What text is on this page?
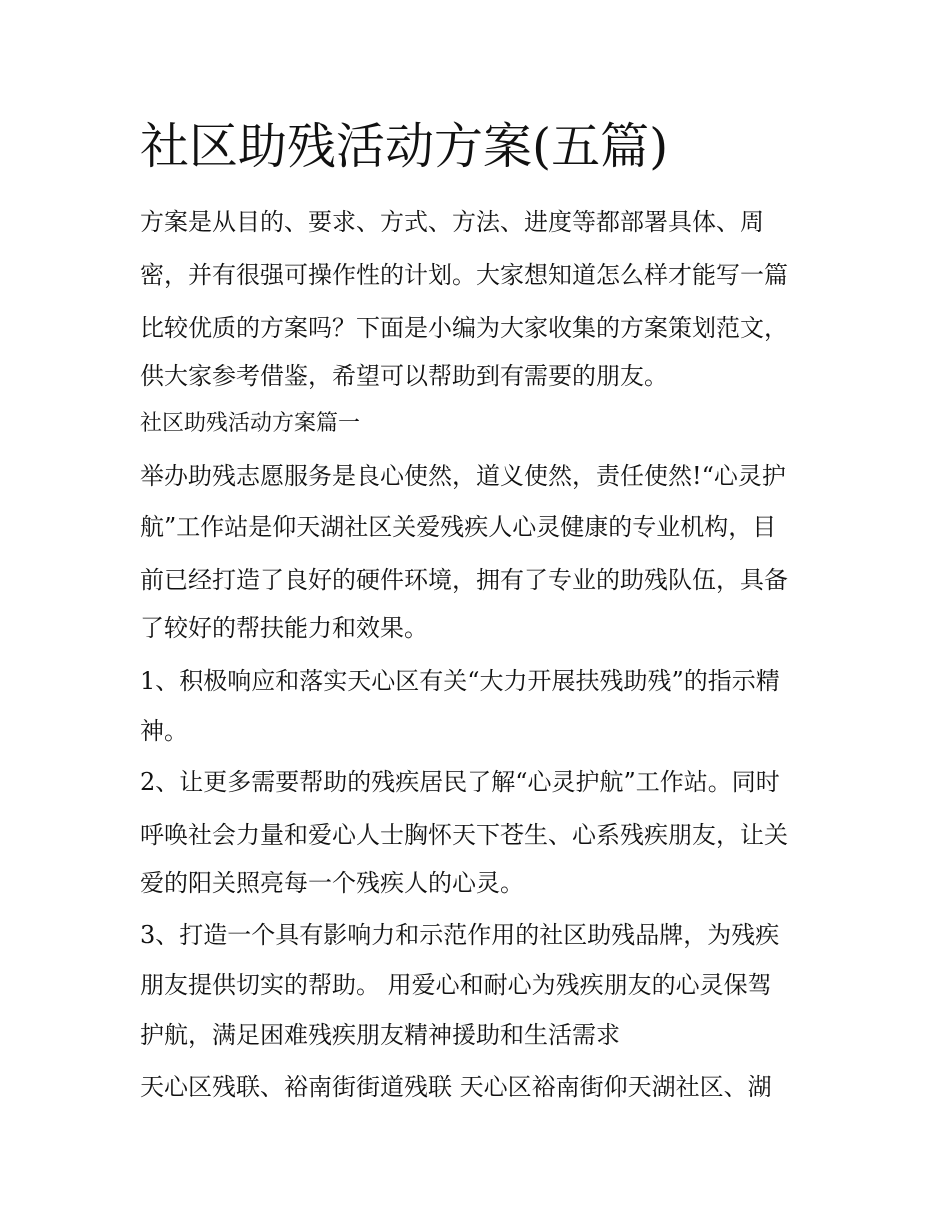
社区助残活动方案(五篇)

方案是从目的、要求、方式、方法、进度等都部署具体、周

密，并有很强可操作性的计划。大家想知道怎么样才能写一篇

比较优质的方案吗？下面是小编为大家收集的方案策划范文，

供大家参考借鉴，希望可以帮助到有需要的朋友。

社区助残活动方案篇一

举办助残志愿服务是良心使然，道义使然，责任使然!“心灵护

航”工作站是仰天湖社区关爱残疾人心灵健康的专业机构，目

前已经打造了良好的硬件环境，拥有了专业的助残队伍，具备

了较好的帮扶能力和效果。

1、积极响应和落实天心区有关“大力开展扶残助残”的指示精

神。

2、让更多需要帮助的残疾居民了解“心灵护航”工作站。同时

呼唤社会力量和爱心人士胸怀天下苍生、心系残疾朋友，让关

爱的阳关照亮每一个残疾人的心灵。

3、打造一个具有影响力和示范作用的社区助残品牌，为残疾

朋友提供切实的帮助。 用爱心和耐心为残疾朋友的心灵保驾

护航，满足困难残疾朋友精神援助和生活需求

天心区残联、裕南街街道残联 天心区裕南街仰天湖社区、湖
